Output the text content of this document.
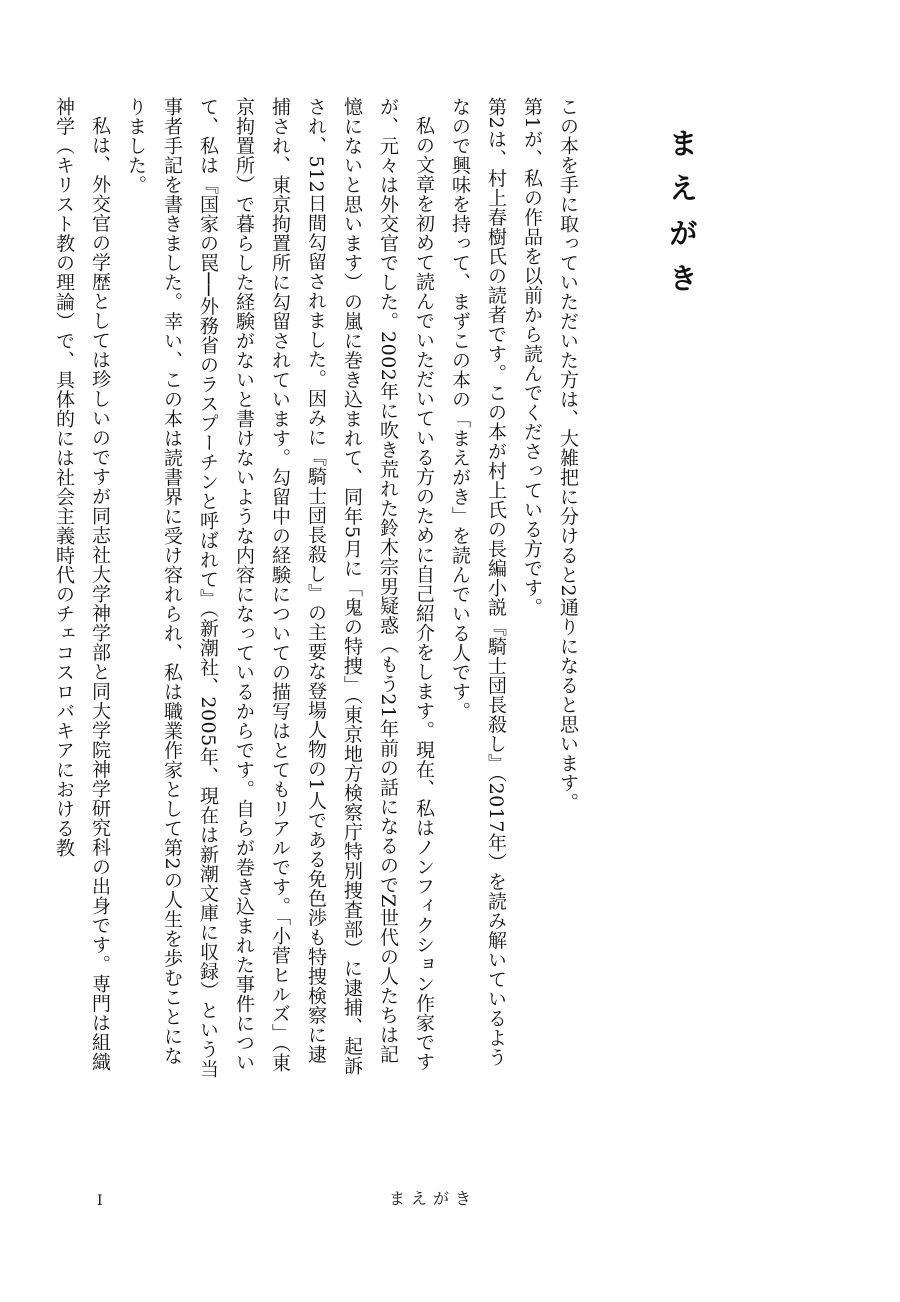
まえがき

この本を手に取っていただいた方は、大雑把に分けると2通りになると思います。

第1が、私の作品を以前から読んでくださっている方です。

第2は、村上春樹氏の読者です。この本が村上氏の長編小説『騎士団長殺し』（2017年）を読み解いているようなので興味を持って、まずこの本の「まえがき」を読んでいる人です。

私の文章を初めて読んでいただいている方のために自己紹介をします。現在、私はノンフィクション作家ですが、元々は外交官でした。2002年に吹き荒れた鈴木宗男疑惑（もう21年前の話になるのでZ世代の人たちは記憶にないと思います）の嵐に巻き込まれて、同年5月に「鬼の特捜」（東京地方検察庁特別捜査部）に逮捕、起訴され、512日間勾留されました。因みに『騎士団長殺し』の主要な登場人物の1人である免色渉も特捜検察に逮捕され、東京拘置所に勾留されています。勾留中の経験についての描写はとてもリアルです。「小菅ヒルズ」（東京拘置所）で暮らした経験がないと書けないような内容になっているからです。自らが巻き込まれた事件について、私は『国家の罠──外務省のラスプーチンと呼ばれて』（新潮社、2005年、現在は新潮文庫に収録）という当事者手記を書きました。幸い、この本は読書界に受け容れられ、私は職業作家として第2の人生を歩むことになりました。

私は、外交官の学歴としては珍しいのですが同志社大学神学部と同大学院神学研究科の出身です。専門は組織神学（キリスト教の理論）で、具体的には社会主義時代のチェコスロバキアにおける教

I	まえがき
